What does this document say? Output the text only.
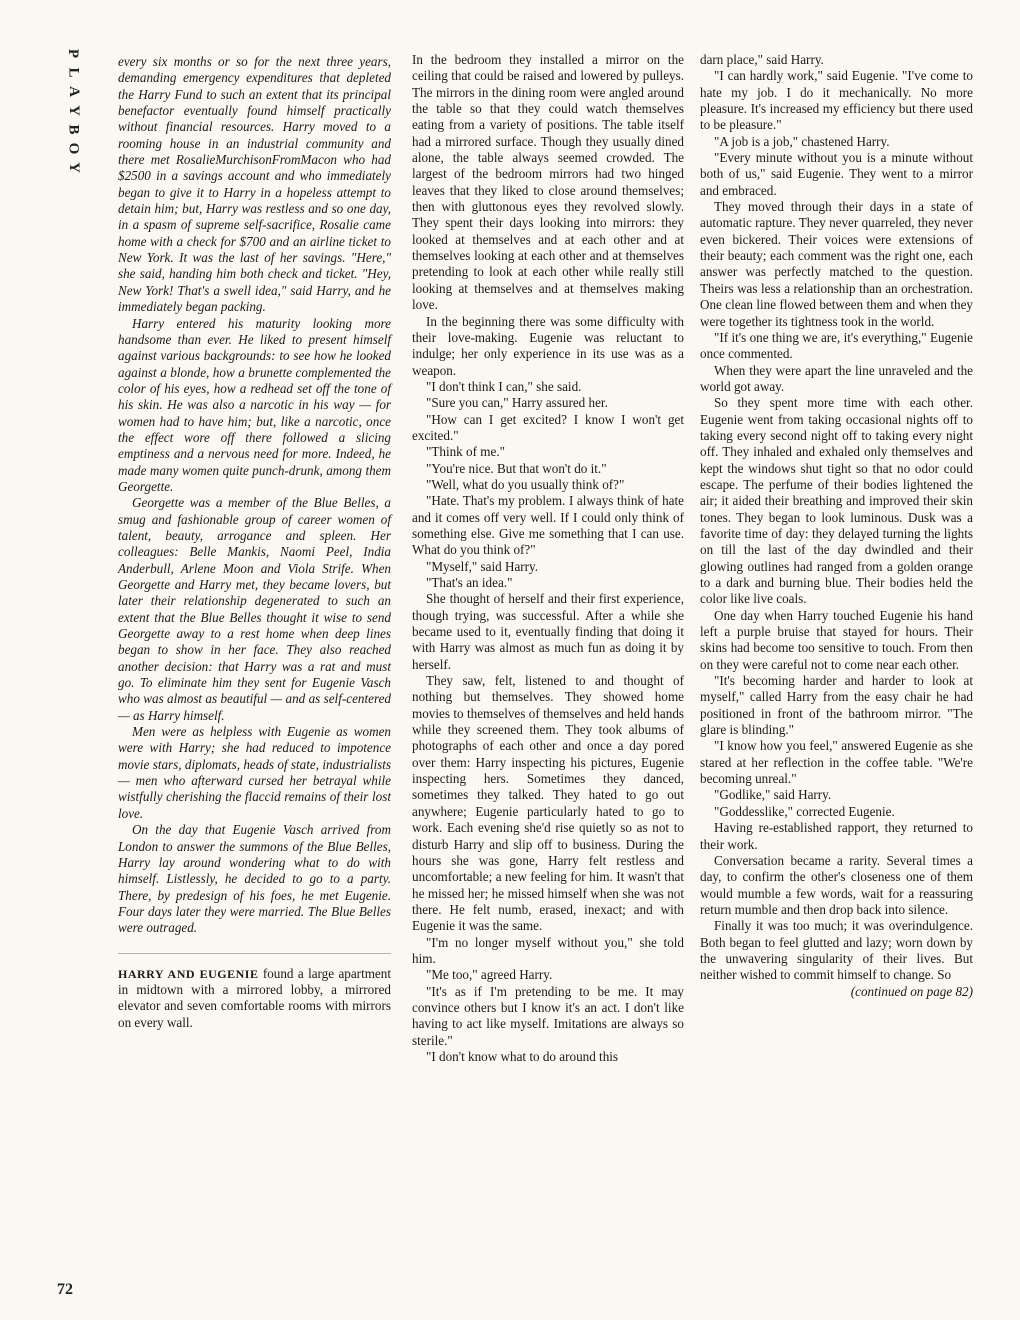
P
L
A
Y
B
O
Y
72

every six months or so for the next three years, demanding emergency expenditures that depleted the Harry Fund to such an extent that its principal benefactor eventually found himself practically without financial resources. Harry moved to a rooming house in an industrial community and there met RosalieMurchisonFromMacon who had $2500 in a savings account and who immediately began to give it to Harry in a hopeless attempt to detain him; but, Harry was restless and so one day, in a spasm of supreme self-sacrifice, Rosalie came home with a check for $700 and an airline ticket to New York. It was the last of her savings. "Here," she said, handing him both check and ticket. "Hey, New York! That's a swell idea," said Harry, and he immediately began packing.

Harry entered his maturity looking more handsome than ever. He liked to present himself against various backgrounds: to see how he looked against a blonde, how a brunette complemented the color of his eyes, how a redhead set off the tone of his skin. He was also a narcotic in his way — for women had to have him; but, like a narcotic, once the effect wore off there followed a slicing emptiness and a nervous need for more. Indeed, he made many women quite punch-drunk, among them Georgette.

Georgette was a member of the Blue Belles, a smug and fashionable group of career women of talent, beauty, arrogance and spleen. Her colleagues: Belle Mankis, Naomi Peel, India Anderbull, Arlene Moon and Viola Strife. When Georgette and Harry met, they became lovers, but later their relationship degenerated to such an extent that the Blue Belles thought it wise to send Georgette away to a rest home when deep lines began to show in her face. They also reached another decision: that Harry was a rat and must go. To eliminate him they sent for Eugenie Vasch who was almost as beautiful — and as self-centered — as Harry himself.

Men were as helpless with Eugenie as women were with Harry; she had reduced to impotence movie stars, diplomats, heads of state, industrialists — men who afterward cursed her betrayal while wistfully cherishing the flaccid remains of their lost love.

On the day that Eugenie Vasch arrived from London to answer the summons of the Blue Belles, Harry lay around wondering what to do with himself. Listlessly, he decided to go to a party. There, by predesign of his foes, he met Eugenie. Four days later they were married. The Blue Belles were outraged.

HARRY AND EUGENIE found a large apartment in midtown with a mirrored lobby, a mirrored elevator and seven comfortable rooms with mirrors on every wall.

In the bedroom they installed a mirror on the ceiling that could be raised and lowered by pulleys. The mirrors in the dining room were angled around the table so that they could watch themselves eating from a variety of positions. The table itself had a mirrored surface. Though they usually dined alone, the table always seemed crowded. The largest of the bedroom mirrors had two hinged leaves that they liked to close around themselves; then with gluttonous eyes they revolved slowly. They spent their days looking into mirrors: they looked at themselves and at each other and at themselves looking at each other and at themselves pretending to look at each other while really still looking at themselves and at themselves making love.

In the beginning there was some difficulty with their love-making. Eugenie was reluctant to indulge; her only experience in its use was as a weapon.

"I don't think I can," she said.

"Sure you can," Harry assured her.

"How can I get excited? I know I won't get excited."

"Think of me."

"You're nice. But that won't do it."

"Well, what do you usually think of?"

"Hate. That's my problem. I always think of hate and it comes off very well. If I could only think of something else. Give me something that I can use. What do you think of?"

"Myself," said Harry.

"That's an idea."

She thought of herself and their first experience, though trying, was successful. After a while she became used to it, eventually finding that doing it with Harry was almost as much fun as doing it by herself.

They saw, felt, listened to and thought of nothing but themselves. They showed home movies to themselves of themselves and held hands while they screened them. They took albums of photographs of each other and once a day pored over them: Harry inspecting his pictures, Eugenie inspecting hers. Sometimes they danced, sometimes they talked. They hated to go out anywhere; Eugenie particularly hated to go to work. Each evening she'd rise quietly so as not to disturb Harry and slip off to business. During the hours she was gone, Harry felt restless and uncomfortable; a new feeling for him. It wasn't that he missed her; he missed himself when she was not there. He felt numb, erased, inexact; and with Eugenie it was the same.

"I'm no longer myself without you," she told him.

"Me too," agreed Harry.

"It's as if I'm pretending to be me. It may convince others but I know it's an act. I don't like having to act like myself. Imitations are always so sterile."

"I don't know what to do around this

darn place," said Harry.

"I can hardly work," said Eugenie. "I've come to hate my job. I do it mechanically. No more pleasure. It's increased my efficiency but there used to be pleasure."

"A job is a job," chastened Harry.

"Every minute without you is a minute without both of us," said Eugenie. They went to a mirror and embraced.

They moved through their days in a state of automatic rapture. They never quarreled, they never even bickered. Their voices were extensions of their beauty; each comment was the right one, each answer was perfectly matched to the question. Theirs was less a relationship than an orchestration. One clean line flowed between them and when they were together its tightness took in the world.

"If it's one thing we are, it's everything," Eugenie once commented.

When they were apart the line unraveled and the world got away.

So they spent more time with each other. Eugenie went from taking occasional nights off to taking every second night off to taking every night off. They inhaled and exhaled only themselves and kept the windows shut tight so that no odor could escape. The perfume of their bodies lightened the air; it aided their breathing and improved their skin tones. They began to look luminous. Dusk was a favorite time of day: they delayed turning the lights on till the last of the day dwindled and their glowing outlines had ranged from a golden orange to a dark and burning blue. Their bodies held the color like live coals.

One day when Harry touched Eugenie his hand left a purple bruise that stayed for hours. Their skins had become too sensitive to touch. From then on they were careful not to come near each other.

"It's becoming harder and harder to look at myself," called Harry from the easy chair he had positioned in front of the bathroom mirror. "The glare is blinding."

"I know how you feel," answered Eugenie as she stared at her reflection in the coffee table. "We're becoming unreal."

"Godlike," said Harry.

"Goddesslike," corrected Eugenie.

Having re-established rapport, they returned to their work.

Conversation became a rarity. Several times a day, to confirm the other's closeness one of them would mumble a few words, wait for a reassuring return mumble and then drop back into silence.

Finally it was too much; it was overindulgence. Both began to feel glutted and lazy; worn down by the unwavering singularity of their lives. But neither wished to commit himself to change. So

(continued on page 82)
